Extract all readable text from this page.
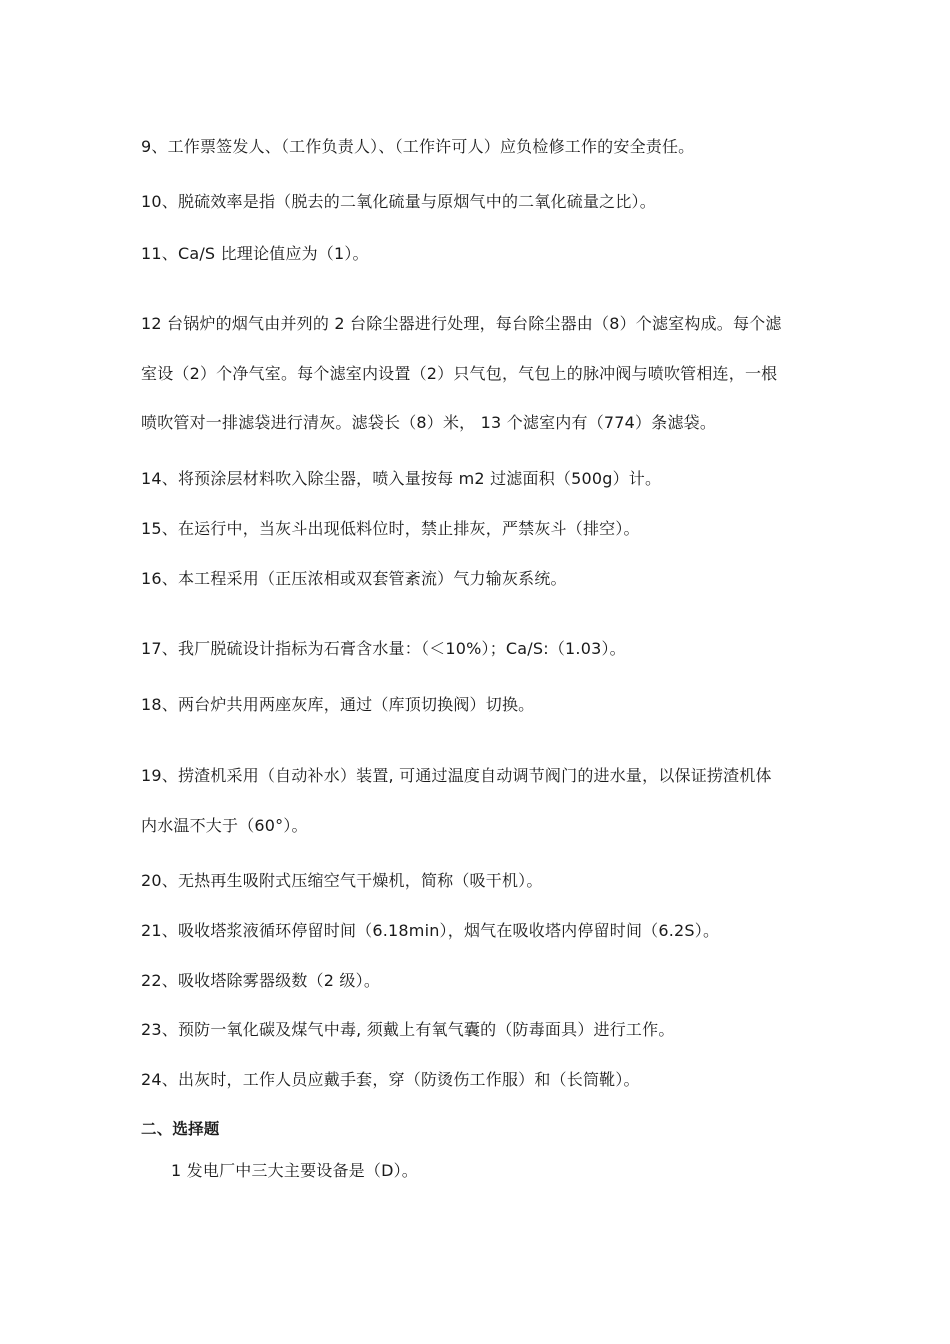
9、工作票签发人、（工作负责人）、（工作许可人）应负检修工作的安全责任。
10、脱硫效率是指（脱去的二氧化硫量与原烟气中的二氧化硫量之比）。
11、Ca/S 比理论值应为（1）。
12 台锅炉的烟气由并列的 2 台除尘器进行处理，每台除尘器由（8）个滤室构成。每个滤
室设（2）个净气室。每个滤室内设置（2）只气包，气包上的脉冲阀与喷吹管相连，一根
喷吹管对一排滤袋进行清灰。滤袋长（8）米， 13 个滤室内有（774）条滤袋。
14、将预涂层材料吹入除尘器，喷入量按每 m2 过滤面积（500g）计。
15、在运行中，当灰斗出现低料位时，禁止排灰，严禁灰斗（排空）。
16、本工程采用（正压浓相或双套管紊流）气力输灰系统。
17、我厂脱硫设计指标为石膏含水量：（＜10%）；Ca/S:（1.03）。
18、两台炉共用两座灰库，通过（库顶切换阀）切换。
19、捞渣机采用（自动补水）装置, 可通过温度自动调节阀门的进水量，以保证捞渣机体
内水温不大于（60°）。
20、无热再生吸附式压缩空气干燥机，简称（吸干机）。
21、吸收塔浆液循环停留时间（6.18min），烟气在吸收塔内停留时间（6.2S）。
22、吸收塔除雾器级数（2 级）。
23、预防一氧化碳及煤气中毒, 须戴上有氧气囊的（防毒面具）进行工作。
24、出灰时，工作人员应戴手套，穿（防烫伤工作服）和（长筒靴）。
二、选择题
1 发电厂中三大主要设备是（D）。
